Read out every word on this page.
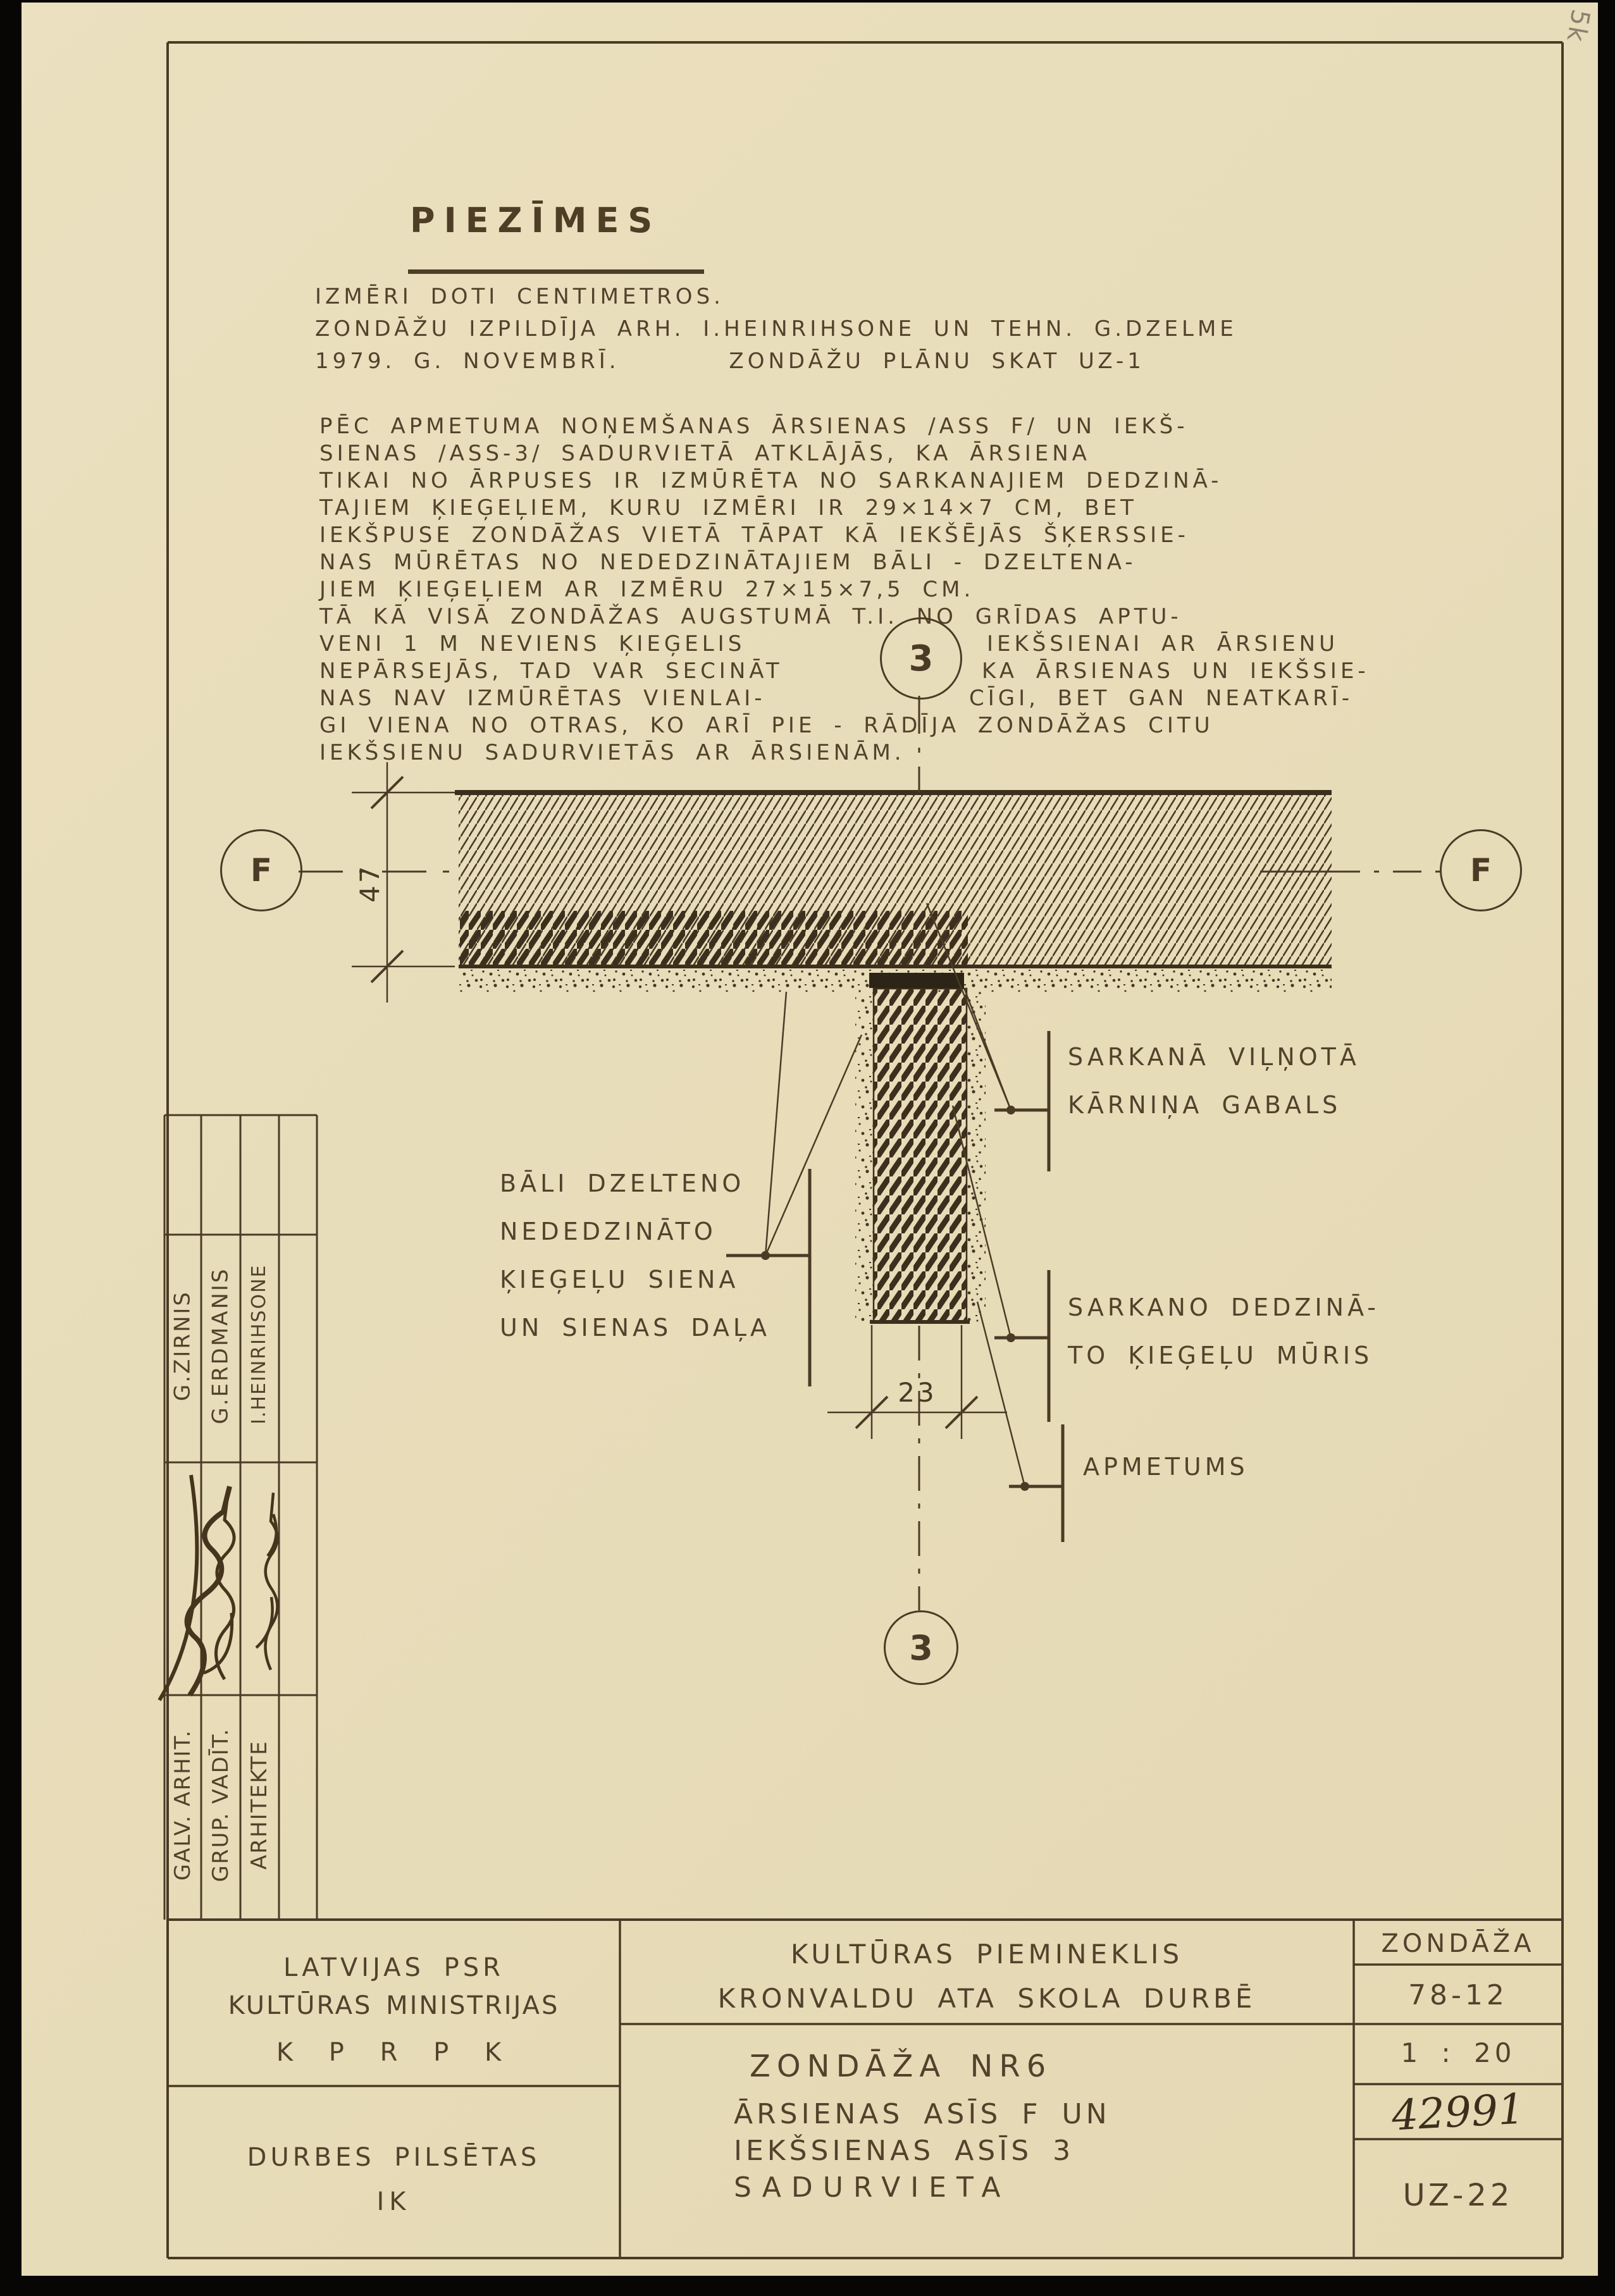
5k
PIEZĪMES
IZMĒRI DOTI CENTIMETROS.
ZONDĀŽU IZPILDĪJA ARH. I.HEINRIHSONE UN TEHN. G.DZELME
1979. G. NOVEMBRĪ.      ZONDĀŽU PLĀNU SKAT UZ-1
PĒC APMETUMA NOŅEMŠANAS ĀRSIENAS /ASS F/ UN IEKŠ-
SIENAS /ASS-3/ SADURVIETĀ ATKLĀJĀS, KA ĀRSIENA
TIKAI NO ĀRPUSES IR IZMŪRĒTA NO SARKANAJIEM DEDZINĀ-
TAJIEM ĶIEĢEĻIEM, KURU IZMĒRI IR 29×14×7 CM, BET
IEKŠPUSE ZONDĀŽAS VIETĀ TĀPAT KĀ IEKŠĒJĀS ŠĶERSSIE-
NAS MŪRĒTAS NO NEDEDZINĀTAJIEM BĀLI - DZELTENA-
JIEM ĶIEĢEĻIEM AR IZMĒRU 27×15×7,5 CM.
TĀ KĀ VISĀ ZONDĀŽAS AUGSTUMĀ T.I. NO GRĪDAS APTU-
VENI 1 M NEVIENS ĶIEĢELIS	IEKŠSIENAI AR ĀRSIENU
NEPĀRSEJĀS, TAD VAR SECINĀT	KA ĀRSIENAS UN IEKŠSIE-
NAS NAV IZMŪRĒTAS VIENLAI-	CĪGI, BET GAN NEATKARĪ-
GI VIENA NO OTRAS, KO ARĪ PIE - RĀDĪJA ZONDĀŽAS CITU
IEKŠSIENU SADURVIETĀS AR ĀRSIENĀM.
3
F	F
3
47
23
BĀLI DZELTENO
NEDEDZINĀTO
ĶIEĢEĻU SIENA
UN SIENAS DAĻA
SARKANĀ VIĻŅOTĀ
KĀRNIŅA GABALS
SARKANO DEDZINĀ-
TO ĶIEĢEĻU MŪRIS
APMETUMS
G.ZIRNIS G.ERDMANIS I.HEINRIHSONE
GALV. ARHIT. GRUP. VADĪT. ARHITEKTE
LATVIJAS PSR
KULTŪRAS MINISTRIJAS
K P R P K
DURBES PILSĒTAS
IK
KULTŪRAS PIEMINEKLIS
KRONVALDU ATA SKOLA DURBĒ
ZONDĀŽA NR6
ĀRSIENAS ASĪS F UN
IEKŠSIENAS ASĪS 3
SADURVIETA
ZONDĀŽA
78-12
1 : 20
42991
UZ-22
